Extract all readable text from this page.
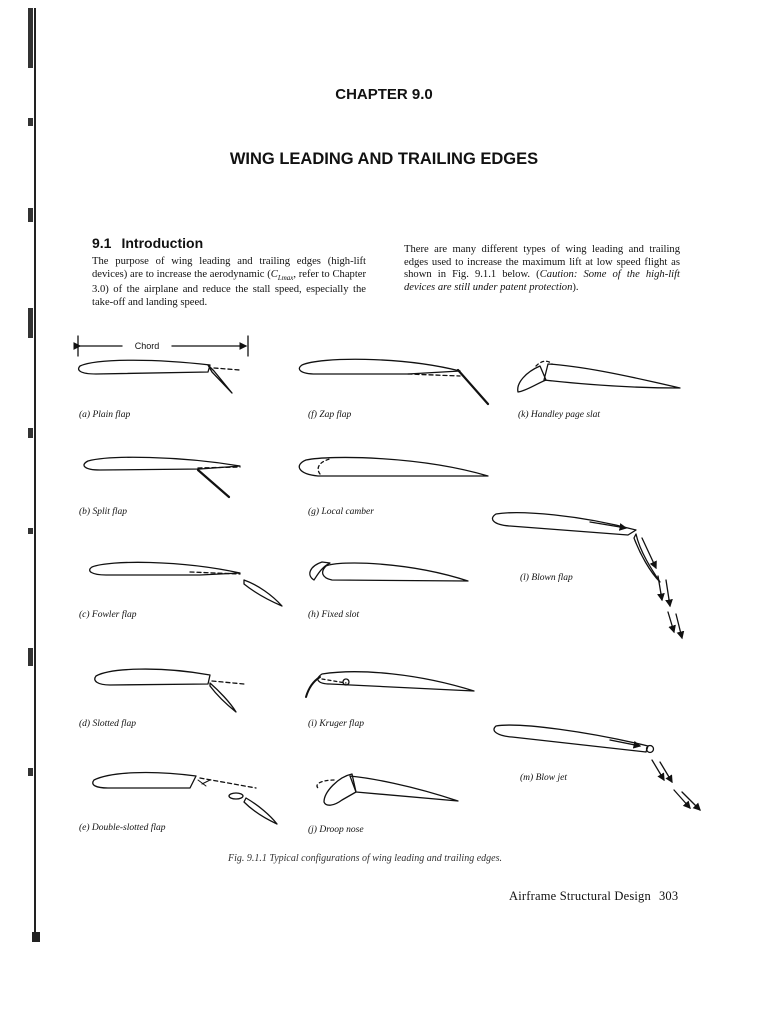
CHAPTER 9.0
WING LEADING AND TRAILING EDGES
9.1 Introduction
The purpose of wing leading and trailing edges (high-lift devices) are to increase the aerodynamic ($C_{Lmax}$, refer to Chapter 3.0) of the airplane and reduce the stall speed, especially the take-off and landing speed.
There are many different types of wing leading and trailing edges used to increase the maximum lift at low speed flight as shown in Fig. 9.1.1 below. (Caution: Some of the high-lift devices are still under patent protection).
Chord
(a) Plain flap
(b) Split flap
(c) Fowler flap
(d) Slotted flap
(e) Double-slotted flap
(f) Zap flap
(g) Local camber
(h) Fixed slot
(i) Kruger flap
(j) Droop nose
(k) Handley page slat
(l) Blown flap
(m) Blow jet
Fig. 9.1.1 Typical configurations of wing leading and trailing edges.
Airframe Structural Design 303
